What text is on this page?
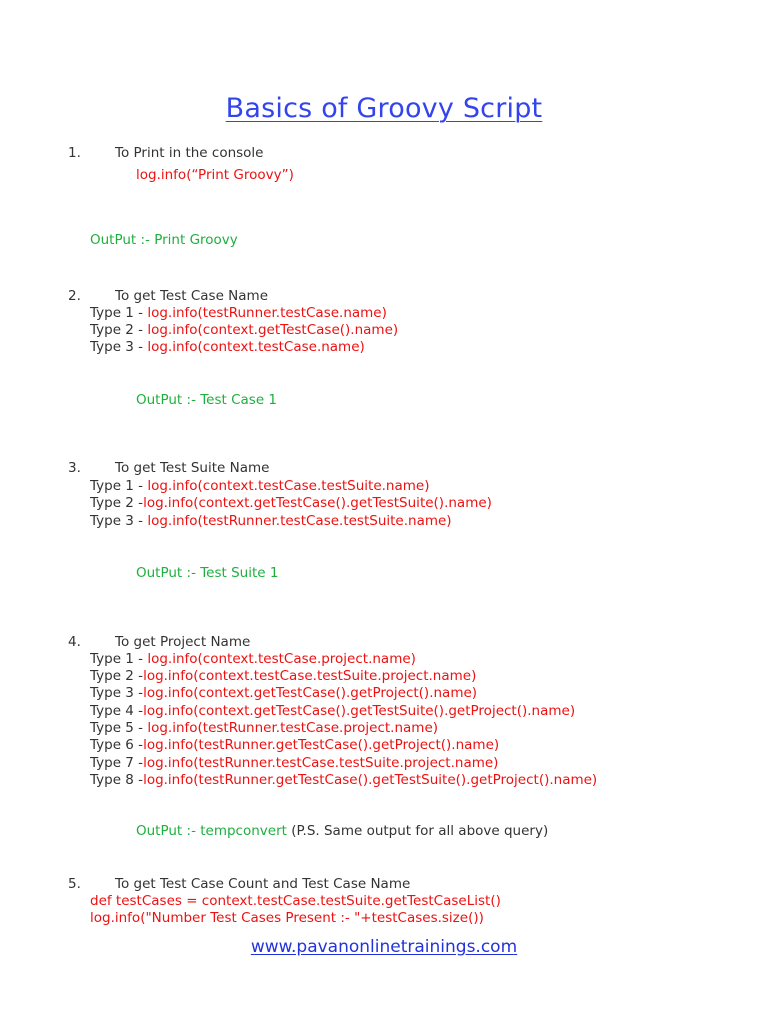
Basics of Groovy Script
1.	To Print in the console
log.info(“Print Groovy”)
OutPut :- Print Groovy
2.	To get Test Case Name
Type 1 - log.info(testRunner.testCase.name)
Type 2 - log.info(context.getTestCase().name)
Type 3 - log.info(context.testCase.name)
OutPut :- Test Case 1
3.	To get Test Suite Name
Type 1 - log.info(context.testCase.testSuite.name)
Type 2 -log.info(context.getTestCase().getTestSuite().name)
Type 3 - log.info(testRunner.testCase.testSuite.name)
OutPut :- Test Suite 1
4.	To get Project Name
Type 1 - log.info(context.testCase.project.name)
Type 2 -log.info(context.testCase.testSuite.project.name)
Type 3 -log.info(context.getTestCase().getProject().name)
Type 4 -log.info(context.getTestCase().getTestSuite().getProject().name)
Type 5 - log.info(testRunner.testCase.project.name)
Type 6 -log.info(testRunner.getTestCase().getProject().name)
Type 7 -log.info(testRunner.testCase.testSuite.project.name)
Type 8 -log.info(testRunner.getTestCase().getTestSuite().getProject().name)
OutPut :- tempconvert (P.S. Same output for all above query)
5.	To get Test Case Count and Test Case Name
def testCases = context.testCase.testSuite.getTestCaseList()
log.info("Number Test Cases Present :- "+testCases.size())
www.pavanonlinetrainings.com
